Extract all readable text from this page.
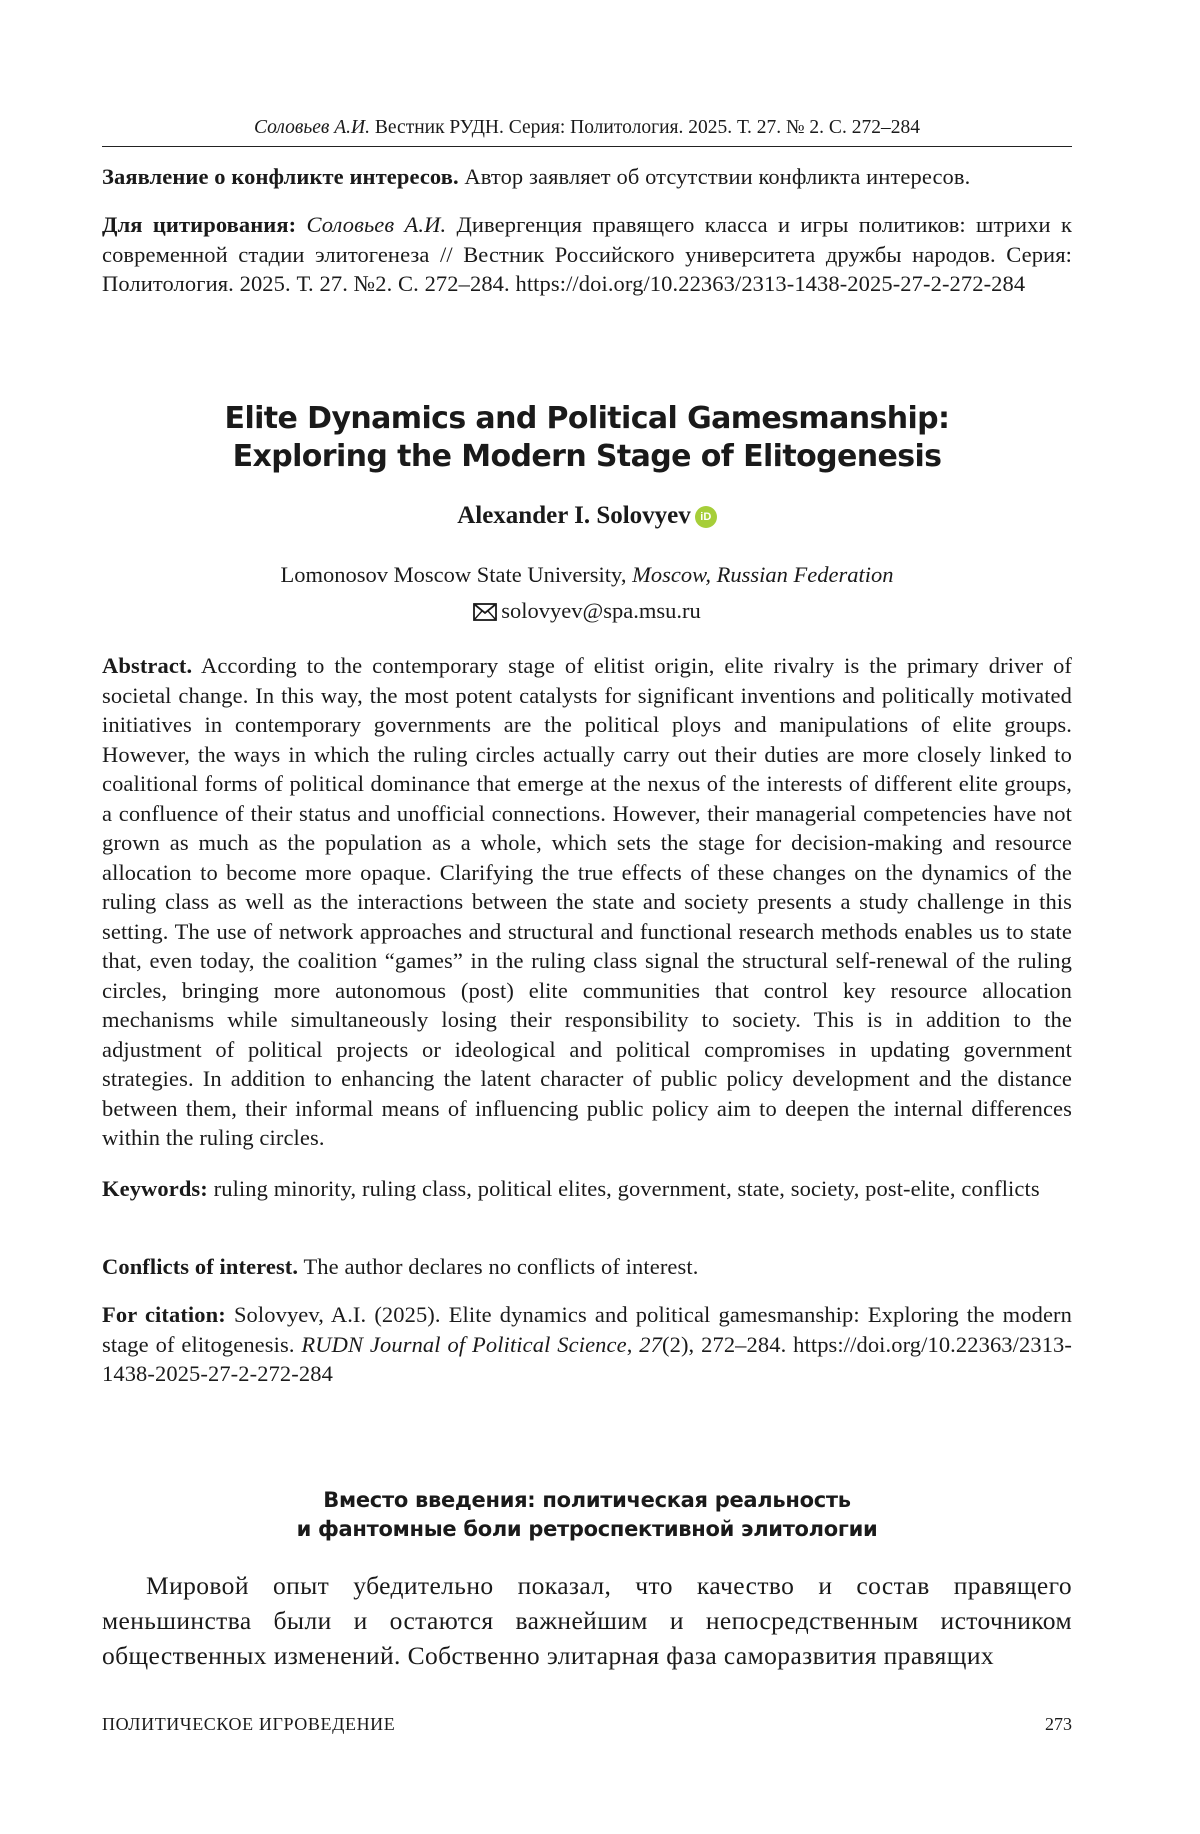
Соловьев А.И. Вестник РУДН. Серия: Политология. 2025. Т. 27. № 2. С. 272–284
Заявление о конфликте интересов. Автор заявляет об отсутствии конфликта интересов.
Для цитирования: Соловьев А.И. Дивергенция правящего класса и игры политиков: штрихи к современной стадии элитогенеза // Вестник Российского университета дружбы народов. Серия: Политология. 2025. Т. 27. №2. С. 272–284. https://doi.org/10.22363/2313-1438-2025-27-2-272-284
Elite Dynamics and Political Gamesmanship:
Exploring the Modern Stage of Elitogenesis
Alexander I. Solovyev iD
Lomonosov Moscow State University, Moscow, Russian Federation
solovyev@spa.msu.ru
Abstract. According to the contemporary stage of elitist origin, elite rivalry is the primary driver of societal change. In this way, the most potent catalysts for significant inventions and politically motivated initiatives in contemporary governments are the political ploys and manipulations of elite groups. However, the ways in which the ruling circles actually carry out their duties are more closely linked to coalitional forms of political dominance that emerge at the nexus of the interests of different elite groups, a confluence of their status and unofficial connections. However, their managerial competencies have not grown as much as the population as a whole, which sets the stage for decision-making and resource allocation to become more opaque. Clarifying the true effects of these changes on the dynamics of the ruling class as well as the interactions between the state and society presents a study challenge in this setting. The use of network approaches and structural and functional research methods enables us to state that, even today, the coalition “games” in the ruling class signal the structural self-renewal of the ruling circles, bringing more autonomous (post) elite communities that control key resource allocation mechanisms while simultaneously losing their responsibility to society. This is in addition to the adjustment of political projects or ideological and political compromises in updating government strategies. In addition to enhancing the latent character of public policy development and the distance between them, their informal means of influencing public policy aim to deepen the internal differences within the ruling circles.
Keywords: ruling minority, ruling class, political elites, government, state, society, post-elite, conflicts
Conflicts of interest. The author declares no conflicts of interest.
For citation: Solovyev, A.I. (2025). Elite dynamics and political gamesmanship: Exploring the modern stage of elitogenesis. RUDN Journal of Political Science, 27(2), 272–284. https://doi.org/10.22363/2313-1438-2025-27-2-272-284
Вместо введения: политическая реальность
и фантомные боли ретроспективной элитологии
Мировой опыт убедительно показал, что качество и состав правящего меньшинства были и остаются важнейшим и непосредственным источником общественных изменений. Собственно элитарная фаза саморазвития правящих
ПОЛИТИЧЕСКОЕ ИГРОВЕДЕНИЕ	273
